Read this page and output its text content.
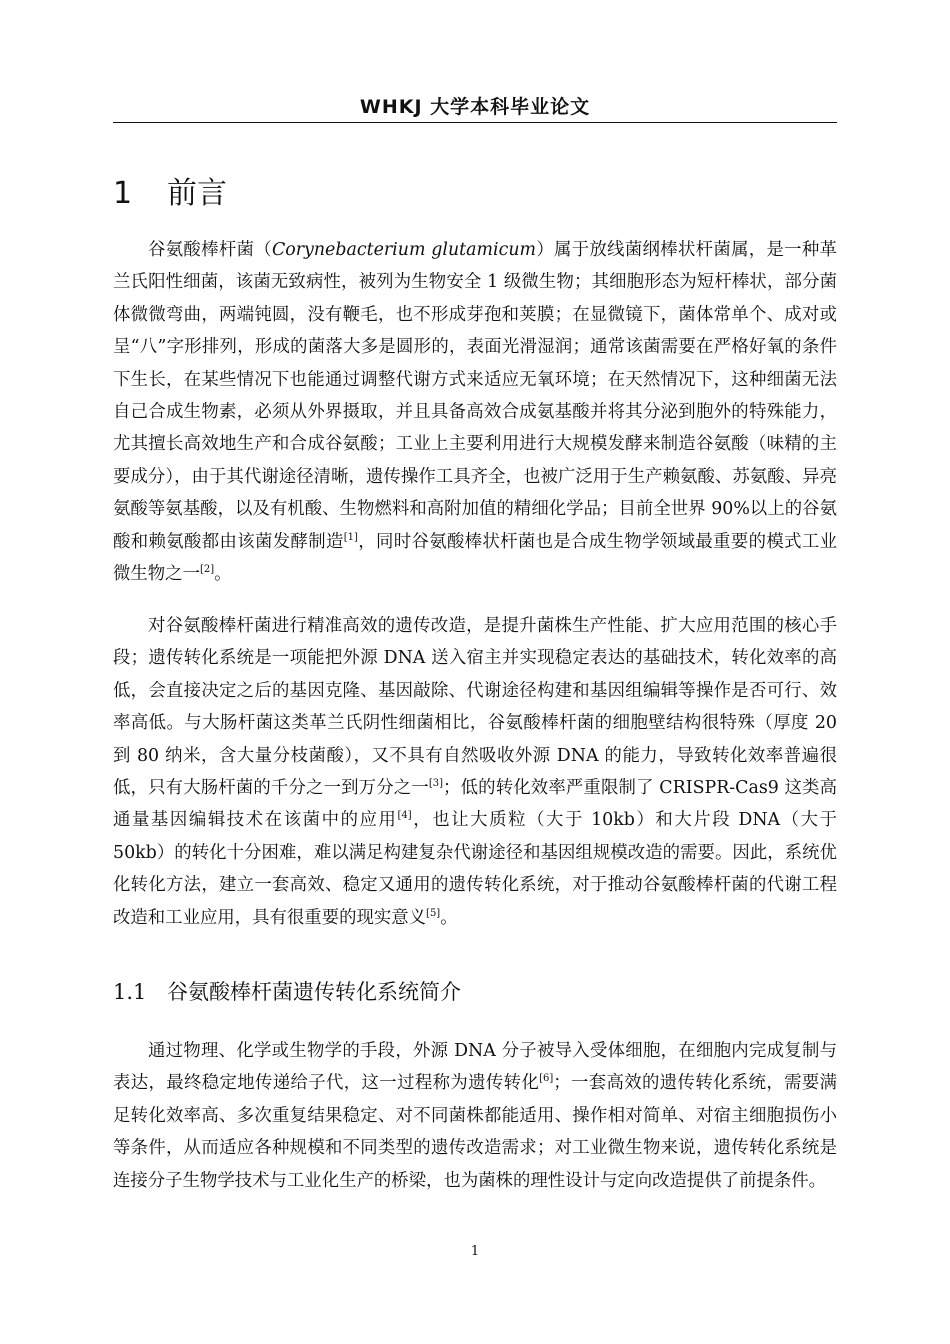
WHKJ 大学本科毕业论文
1 前言

谷氨酸棒杆菌（Corynebacterium glutamicum）属于放线菌纲棒状杆菌属，是一种革兰氏阳性细菌，该菌无致病性，被列为生物安全 1 级微生物；其细胞形态为短杆棒状，部分菌体微微弯曲，两端钝圆，没有鞭毛，也不形成芽孢和荚膜；在显微镜下，菌体常单个、成对或呈“八”字形排列，形成的菌落大多是圆形的，表面光滑湿润；通常该菌需要在严格好氧的条件下生长，在某些情况下也能通过调整代谢方式来适应无氧环境；在天然情况下，这种细菌无法自己合成生物素，必须从外界摄取，并且具备高效合成氨基酸并将其分泌到胞外的特殊能力，尤其擅长高效地生产和合成谷氨酸；工业上主要利用进行大规模发酵来制造谷氨酸（味精的主要成分），由于其代谢途径清晰，遗传操作工具齐全，也被广泛用于生产赖氨酸、苏氨酸、异亮氨酸等氨基酸，以及有机酸、生物燃料和高附加值的精细化学品；目前全世界 90%以上的谷氨酸和赖氨酸都由该菌发酵制造[1]，同时谷氨酸棒状杆菌也是合成生物学领域最重要的模式工业微生物之一[2]。

对谷氨酸棒杆菌进行精准高效的遗传改造，是提升菌株生产性能、扩大应用范围的核心手段；遗传转化系统是一项能把外源 DNA 送入宿主并实现稳定表达的基础技术，转化效率的高低，会直接决定之后的基因克隆、基因敲除、代谢途径构建和基因组编辑等操作是否可行、效率高低。与大肠杆菌这类革兰氏阴性细菌相比，谷氨酸棒杆菌的细胞壁结构很特殊（厚度 20 到 80 纳米，含大量分枝菌酸），又不具有自然吸收外源 DNA 的能力，导致转化效率普遍很低，只有大肠杆菌的千分之一到万分之一[3]；低的转化效率严重限制了 CRISPR-Cas9 这类高通量基因编辑技术在该菌中的应用[4]，也让大质粒（大于 10kb）和大片段 DNA（大于 50kb）的转化十分困难，难以满足构建复杂代谢途径和基因组规模改造的需要。因此，系统优化转化方法，建立一套高效、稳定又通用的遗传转化系统，对于推动谷氨酸棒杆菌的代谢工程改造和工业应用，具有很重要的现实意义[5]。

1.1 谷氨酸棒杆菌遗传转化系统简介

通过物理、化学或生物学的手段，外源 DNA 分子被导入受体细胞，在细胞内完成复制与表达，最终稳定地传递给子代，这一过程称为遗传转化[6]；一套高效的遗传转化系统，需要满足转化效率高、多次重复结果稳定、对不同菌株都能适用、操作相对简单、对宿主细胞损伤小等条件，从而适应各种规模和不同类型的遗传改造需求；对工业微生物来说，遗传转化系统是连接分子生物学技术与工业化生产的桥梁，也为菌株的理性设计与定向改造提供了前提条件。

1
